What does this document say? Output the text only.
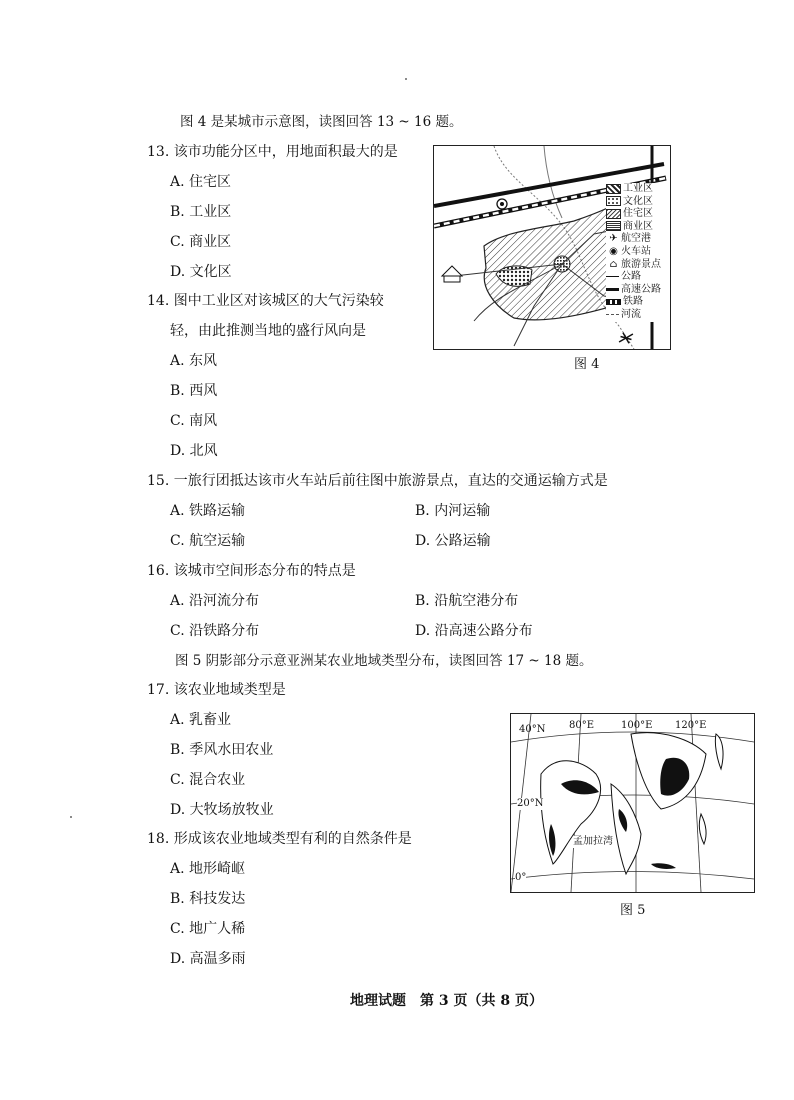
图 4 是某城市示意图，读图回答 13 ~ 16 题。
13. 该市功能分区中，用地面积最大的是
A. 住宅区
B. 工业区
C. 商业区
D. 文化区
14. 图中工业区对该城区的大气污染较
轻，由此推测当地的盛行风向是
A. 东风
B. 西风
C. 南风
D. 北风
15. 一旅行团抵达该市火车站后前往图中旅游景点，直达的交通运输方式是
A. 铁路运输	B. 内河运输
C. 航空运输	D. 公路运输
16. 该城市空间形态分布的特点是
A. 沿河流分布	B. 沿航空港分布
C. 沿铁路分布	D. 沿高速公路分布
图 5 阴影部分示意亚洲某农业地域类型分布，读图回答 17 ~ 18 题。
17. 该农业地域类型是
A. 乳畜业
B. 季风水田农业
C. 混合农业
D. 大牧场放牧业
18. 形成该农业地域类型有利的自然条件是
A. 地形崎岖
B. 科技发达
C. 地广人稀
D. 高温多雨
工业区
文化区
住宅区
商业区
✈ 航空港
◉ 火车站
⌂ 旅游景点
公路
高速公路
铁路
河流
图 4
40°N
20°N
0°
80°E	100°E 120°E
孟加拉湾
图 5
地理试题　第 3 页（共 8 页）
